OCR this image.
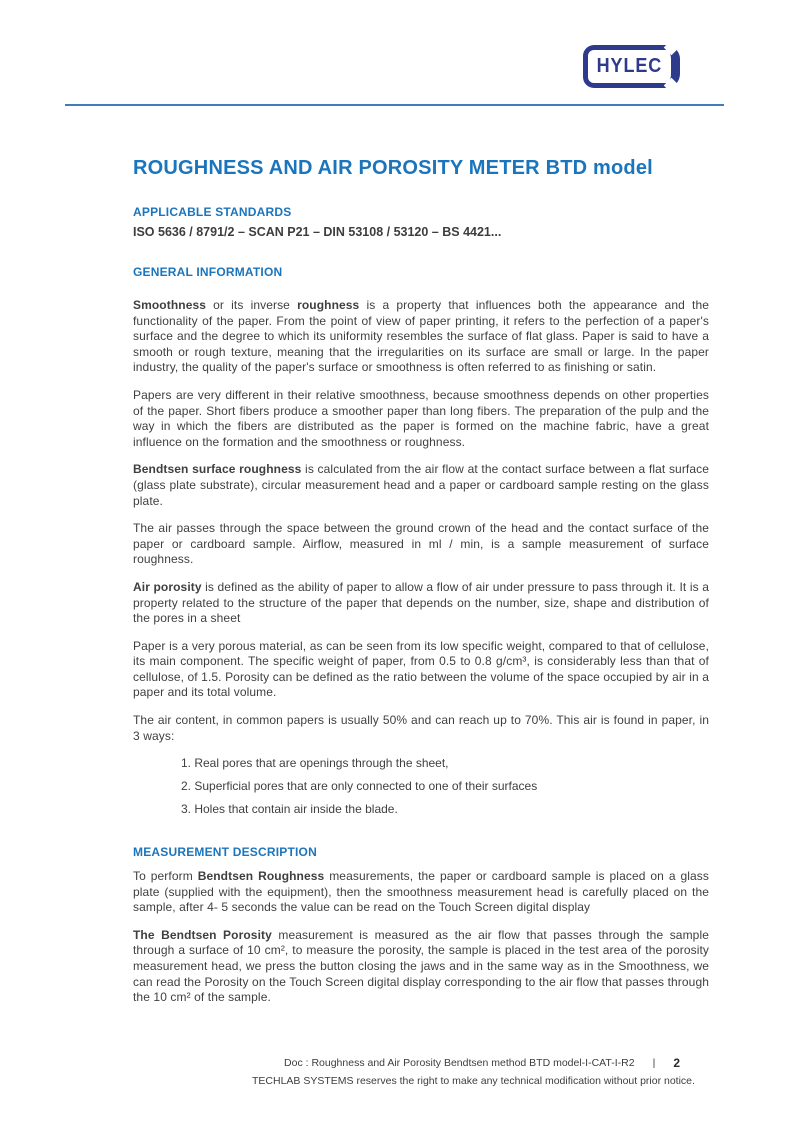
HYLEC
ROUGHNESS AND AIR POROSITY METER BTD model
APPLICABLE STANDARDS
ISO 5636 / 8791/2 – SCAN P21 – DIN 53108 / 53120 – BS 4421...
GENERAL INFORMATION

Smoothness or its inverse roughness is a property that influences both the appearance and the functionality of the paper. From the point of view of paper printing, it refers to the perfection of a paper's surface and the degree to which its uniformity resembles the surface of flat glass. Paper is said to have a smooth or rough texture, meaning that the irregularities on its surface are small or large. In the paper industry, the quality of the paper's surface or smoothness is often referred to as finishing or satin.

Papers are very different in their relative smoothness, because smoothness depends on other properties of the paper. Short fibers produce a smoother paper than long fibers. The preparation of the pulp and the way in which the fibers are distributed as the paper is formed on the machine fabric, have a great influence on the formation and the smoothness or roughness.

Bendtsen surface roughness is calculated from the air flow at the contact surface between a flat surface (glass plate substrate), circular measurement head and a paper or cardboard sample resting on the glass plate.

The air passes through the space between the ground crown of the head and the contact surface of the paper or cardboard sample. Airflow, measured in ml / min, is a sample measurement of surface roughness.

Air porosity is defined as the ability of paper to allow a flow of air under pressure to pass through it. It is a property related to the structure of the paper that depends on the number, size, shape and distribution of the pores in a sheet

Paper is a very porous material, as can be seen from its low specific weight, compared to that of cellulose, its main component. The specific weight of paper, from 0.5 to 0.8 g/cm³, is considerably less than that of cellulose, of 1.5. Porosity can be defined as the ratio between the volume of the space occupied by air in a paper and its total volume.

The air content, in common papers is usually 50% and can reach up to 70%. This air is found in paper, in 3 ways:

1. Real pores that are openings through the sheet,
2. Superficial pores that are only connected to one of their surfaces
3. Holes that contain air inside the blade.
MEASUREMENT DESCRIPTION

To perform Bendtsen Roughness measurements, the paper or cardboard sample is placed on a glass plate (supplied with the equipment), then the smoothness measurement head is carefully placed on the sample, after 4- 5 seconds the value can be read on the Touch Screen digital display

The Bendtsen Porosity measurement is measured as the air flow that passes through the sample through a surface of 10 cm², to measure the porosity, the sample is placed in the test area of the porosity measurement head, we press the button closing the jaws and in the same way as in the Smoothness, we can read the Porosity on the Touch Screen digital display corresponding to the air flow that passes through the 10 cm² of the sample.

Doc : Roughness and Air Porosity Bendtsen method BTD model-I-CAT-I-R2 | 2
TECHLAB SYSTEMS reserves the right to make any technical modification without prior notice.
